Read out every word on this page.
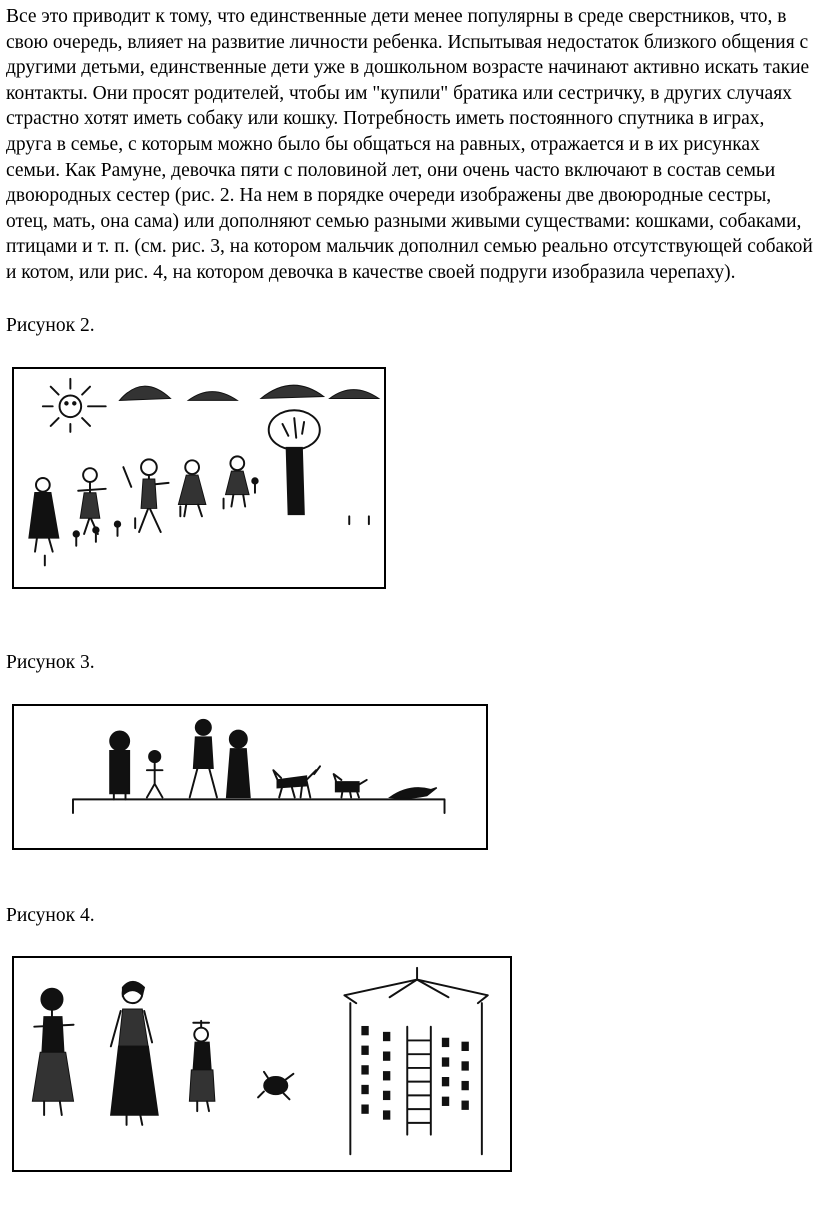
Все это приводит к тому, что единственные дети менее популярны в среде сверстников, что, в свою очередь, влияет на развитие личности ребенка. Испытывая недостаток близкого общения с другими детьми, единственные дети уже в дошкольном возрасте начинают активно искать такие контакты. Они просят родителей, чтобы им "купили" братика или сестричку, в других случаях страстно хотят иметь собаку или кошку. Потребность иметь постоянного спутника в играх, друга в семье, с которым можно было бы общаться на равных, отражается и в их рисунках семьи. Как Рамуне, девочка пяти с половиной лет, они очень часто включают в состав семьи двоюродных сестер (рис. 2. На нем в порядке очереди изображены две двоюродные сестры, отец, мать, она сама) или дополняют семью разными живыми существами: кошками, собаками, птицами и т. п. (см. рис. 3, на котором мальчик дополнил семью реально отсутствующей собакой и котом, или рис. 4, на котором девочка в качестве своей подруги изобразила черепаху).

Рисунок 2.

Рисунок 3.

Рисунок 4.
